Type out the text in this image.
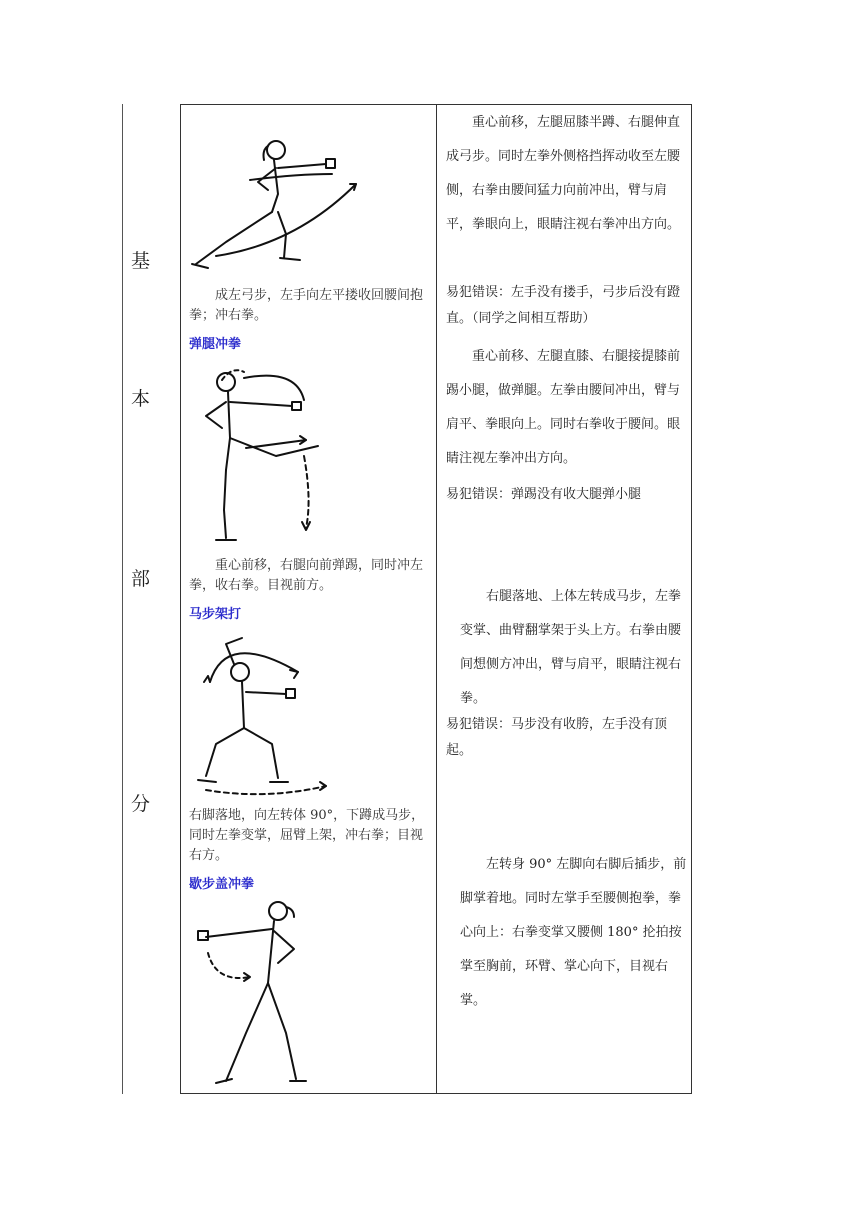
基
本
部
分
成左弓步，左手向左平搂收回腰间抱拳；冲右拳。
弹腿冲拳
重心前移，右腿向前弹踢，同时冲左拳，收右拳。目视前方。
马步架打
右脚落地，向左转体 90°，下蹲成马步，同时左拳变掌，屈臂上架，冲右拳；目视右方。
歇步盖冲拳
重心前移，左腿屈膝半蹲、右腿伸直成弓步。同时左拳外侧格挡挥动收至左腰侧，右拳由腰间猛力向前冲出，臂与肩平，拳眼向上，眼睛注视右拳冲出方向。
易犯错误：左手没有搂手，弓步后没有蹬直。（同学之间相互帮助）
重心前移、左腿直膝、右腿接提膝前踢小腿，做弹腿。左拳由腰间冲出，臂与肩平、拳眼向上。同时右拳收于腰间。眼睛注视左拳冲出方向。
易犯错误：弹踢没有收大腿弹小腿
右腿落地、上体左转成马步，左拳变掌、曲臂翻掌架于头上方。右拳由腰间想侧方冲出，臂与肩平，眼睛注视右拳。
易犯错误：马步没有收胯，左手没有顶起。
左转身 90° 左脚向右脚后插步，前脚掌着地。同时左掌手至腰侧抱拳，拳心向上：右拳变掌又腰侧 180° 抡拍按掌至胸前，环臂、掌心向下，目视右掌。
